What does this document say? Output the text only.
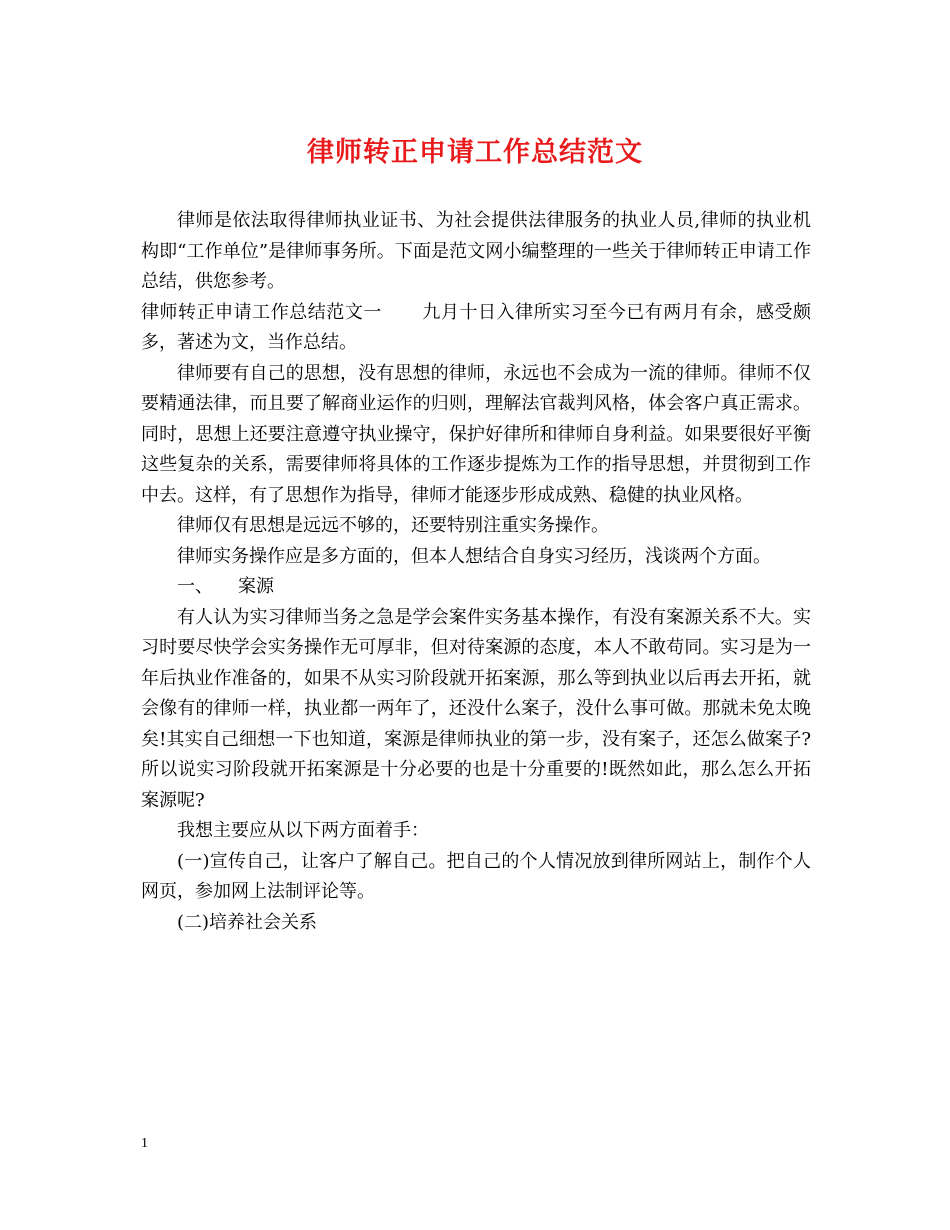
律师转正申请工作总结范文

律师是依法取得律师执业证书、为社会提供法律服务的执业人员,律师的执业机构即“工作单位”是律师事务所。下面是范文网小编整理的一些关于律师转正申请工作总结，供您参考。

律师转正申请工作总结范文一 九月十日入律所实习至今已有两月有余，感受颇多，著述为文，当作总结。

律师要有自己的思想，没有思想的律师，永远也不会成为一流的律师。律师不仅要精通法律，而且要了解商业运作的归则，理解法官裁判风格，体会客户真正需求。同时，思想上还要注意遵守执业操守，保护好律所和律师自身利益。如果要很好平衡这些复杂的关系，需要律师将具体的工作逐步提炼为工作的指导思想，并贯彻到工作中去。这样，有了思想作为指导，律师才能逐步形成成熟、稳健的执业风格。

律师仅有思想是远远不够的，还要特别注重实务操作。

律师实务操作应是多方面的，但本人想结合自身实习经历，浅谈两个方面。

一、 案源

有人认为实习律师当务之急是学会案件实务基本操作，有没有案源关系不大。实习时要尽快学会实务操作无可厚非，但对待案源的态度，本人不敢苟同。实习是为一年后执业作准备的，如果不从实习阶段就开拓案源，那么等到执业以后再去开拓，就会像有的律师一样，执业都一两年了，还没什么案子，没什么事可做。那就未免太晚矣!其实自己细想一下也知道，案源是律师执业的第一步，没有案子，还怎么做案子?所以说实习阶段就开拓案源是十分必要的也是十分重要的!既然如此，那么怎么开拓案源呢?

我想主要应从以下两方面着手：

(一)宣传自己，让客户了解自己。把自己的个人情况放到律所网站上，制作个人网页，参加网上法制评论等。

(二)培养社会关系

1
